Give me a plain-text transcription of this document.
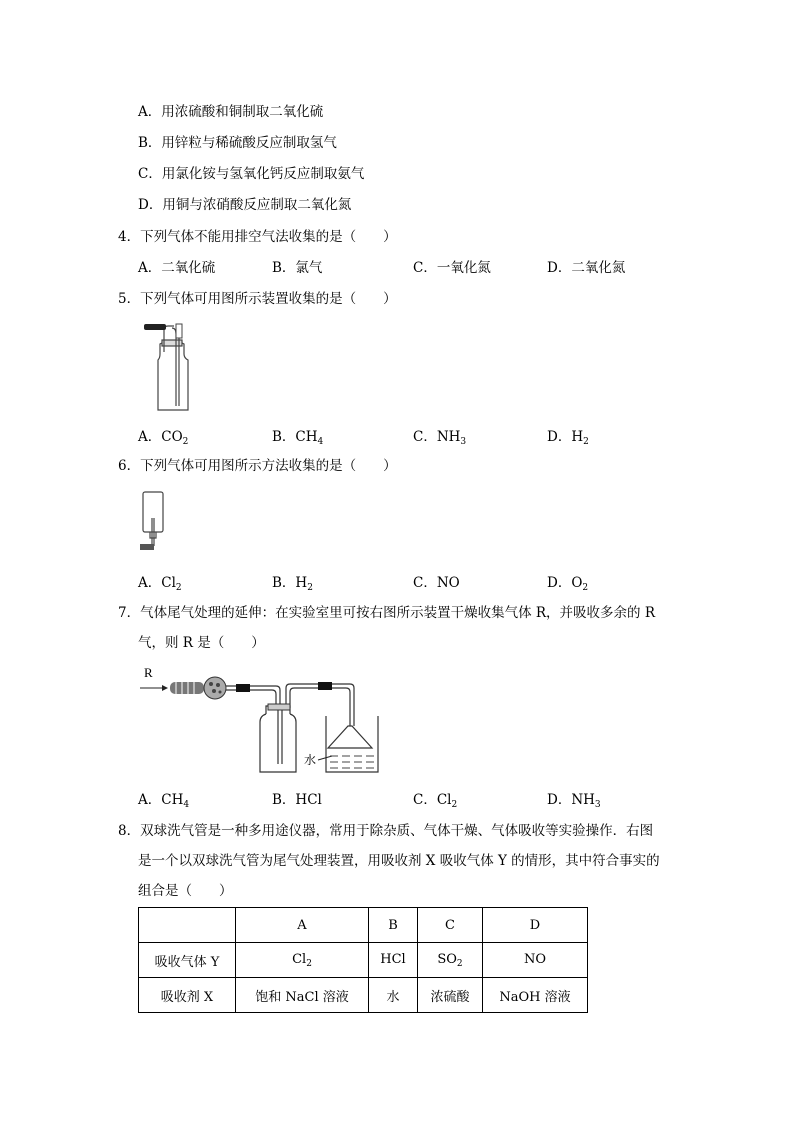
A．用浓硫酸和铜制取二氧化硫
B．用锌粒与稀硫酸反应制取氢气
C．用氯化铵与氢氧化钙反应制取氨气
D．用铜与浓硝酸反应制取二氧化氮
4．下列气体不能用排空气法收集的是（　　）
A．二氧化硫	B．氯气	C．一氧化氮	D．二氧化氮
5．下列气体可用图所示装置收集的是（　　）
A．$CO_2$	B．$CH_4$	C．$NH_3$	D．$H_2$
6．下列气体可用图所示方法收集的是（　　）
A．$Cl_2$	B．$H_2$	C．NO	D．$O_2$
7．气体尾气处理的延伸：在实验室里可按右图所示装置干燥收集气体 R，并吸收多余的 R
气，则 R 是（　　）
R
水
A．$CH_4$	B．HCl	C．$Cl_2$	D．$NH_3$
8．双球洗气管是一种多用途仪器，常用于除杂质、气体干燥、气体吸收等实验操作．右图
是一个以双球洗气管为尾气处理装置，用吸收剂 X 吸收气体 Y 的情形，其中符合事实的
组合是（　　）
	A	B	C	D
吸收气体 Y	$Cl_2$	HCl	$SO_2$	NO
吸收剂 X	饱和 NaCl 溶液	水	浓硫酸	NaOH 溶液
